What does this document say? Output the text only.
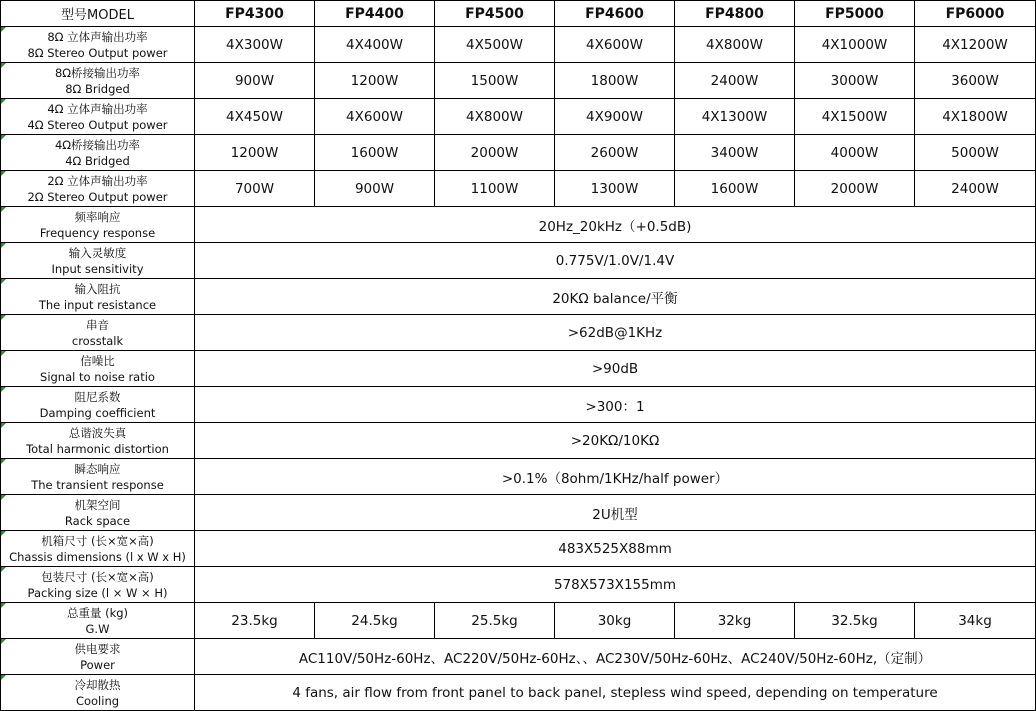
型号MODEL	FP4300	FP4400	FP4500	FP4600	FP4800	FP5000	FP6000

8Ω 立体声输出功率
8Ω Stereo Output power	4X300W	4X400W	4X500W	4X600W	4X800W	4X1000W	4X1200W

8Ω桥接输出功率
8Ω Bridged	900W	1200W	1500W	1800W	2400W	3000W	3600W

4Ω 立体声输出功率
4Ω Stereo Output power	4X450W	4X600W	4X800W	4X900W	4X1300W	4X1500W	4X1800W

4Ω桥接输出功率
4Ω Bridged	1200W	1600W	2000W	2600W	3400W	4000W	5000W

2Ω 立体声输出功率
2Ω Stereo Output power	700W	900W	1100W	1300W	1600W	2000W	2400W

频率响应
Frequency response	20Hz_20kHz（+0.5dB)						

输入灵敏度
Input sensitivity	0.775V/1.0V/1.4V						

输入阻抗
The input resistance	20KΩ balance/平衡						

串音
crosstalk	>62dB@1KHz						

信噪比
Signal to noise ratio	>90dB						

阻尼系数
Damping coefficient	>300：1						

总谐波失真
Total harmonic distortion	>20KΩ/10KΩ						

瞬态响应
The transient response	>0.1%（8ohm/1KHz/half power）						

机架空间
Rack space	2U机型						

机箱尺寸 (长×宽×高)
Chassis dimensions (l x W x H)	483X525X88mm						

包装尺寸 (长×宽×高)
Packing size (l × W × H)	578X573X155mm						

总重量 (kg)
G.W	23.5kg	24.5kg	25.5kg	30kg	32kg	32.5kg	34kg

供电要求
Power	AC110V/50Hz-60Hz、AC220V/50Hz-60Hz、、AC230V/50Hz-60Hz、AC240V/50Hz-60Hz,（定制）						

冷却散热
Cooling	4 fans, air flow from front panel to back panel, stepless wind speed, depending on temperature						
